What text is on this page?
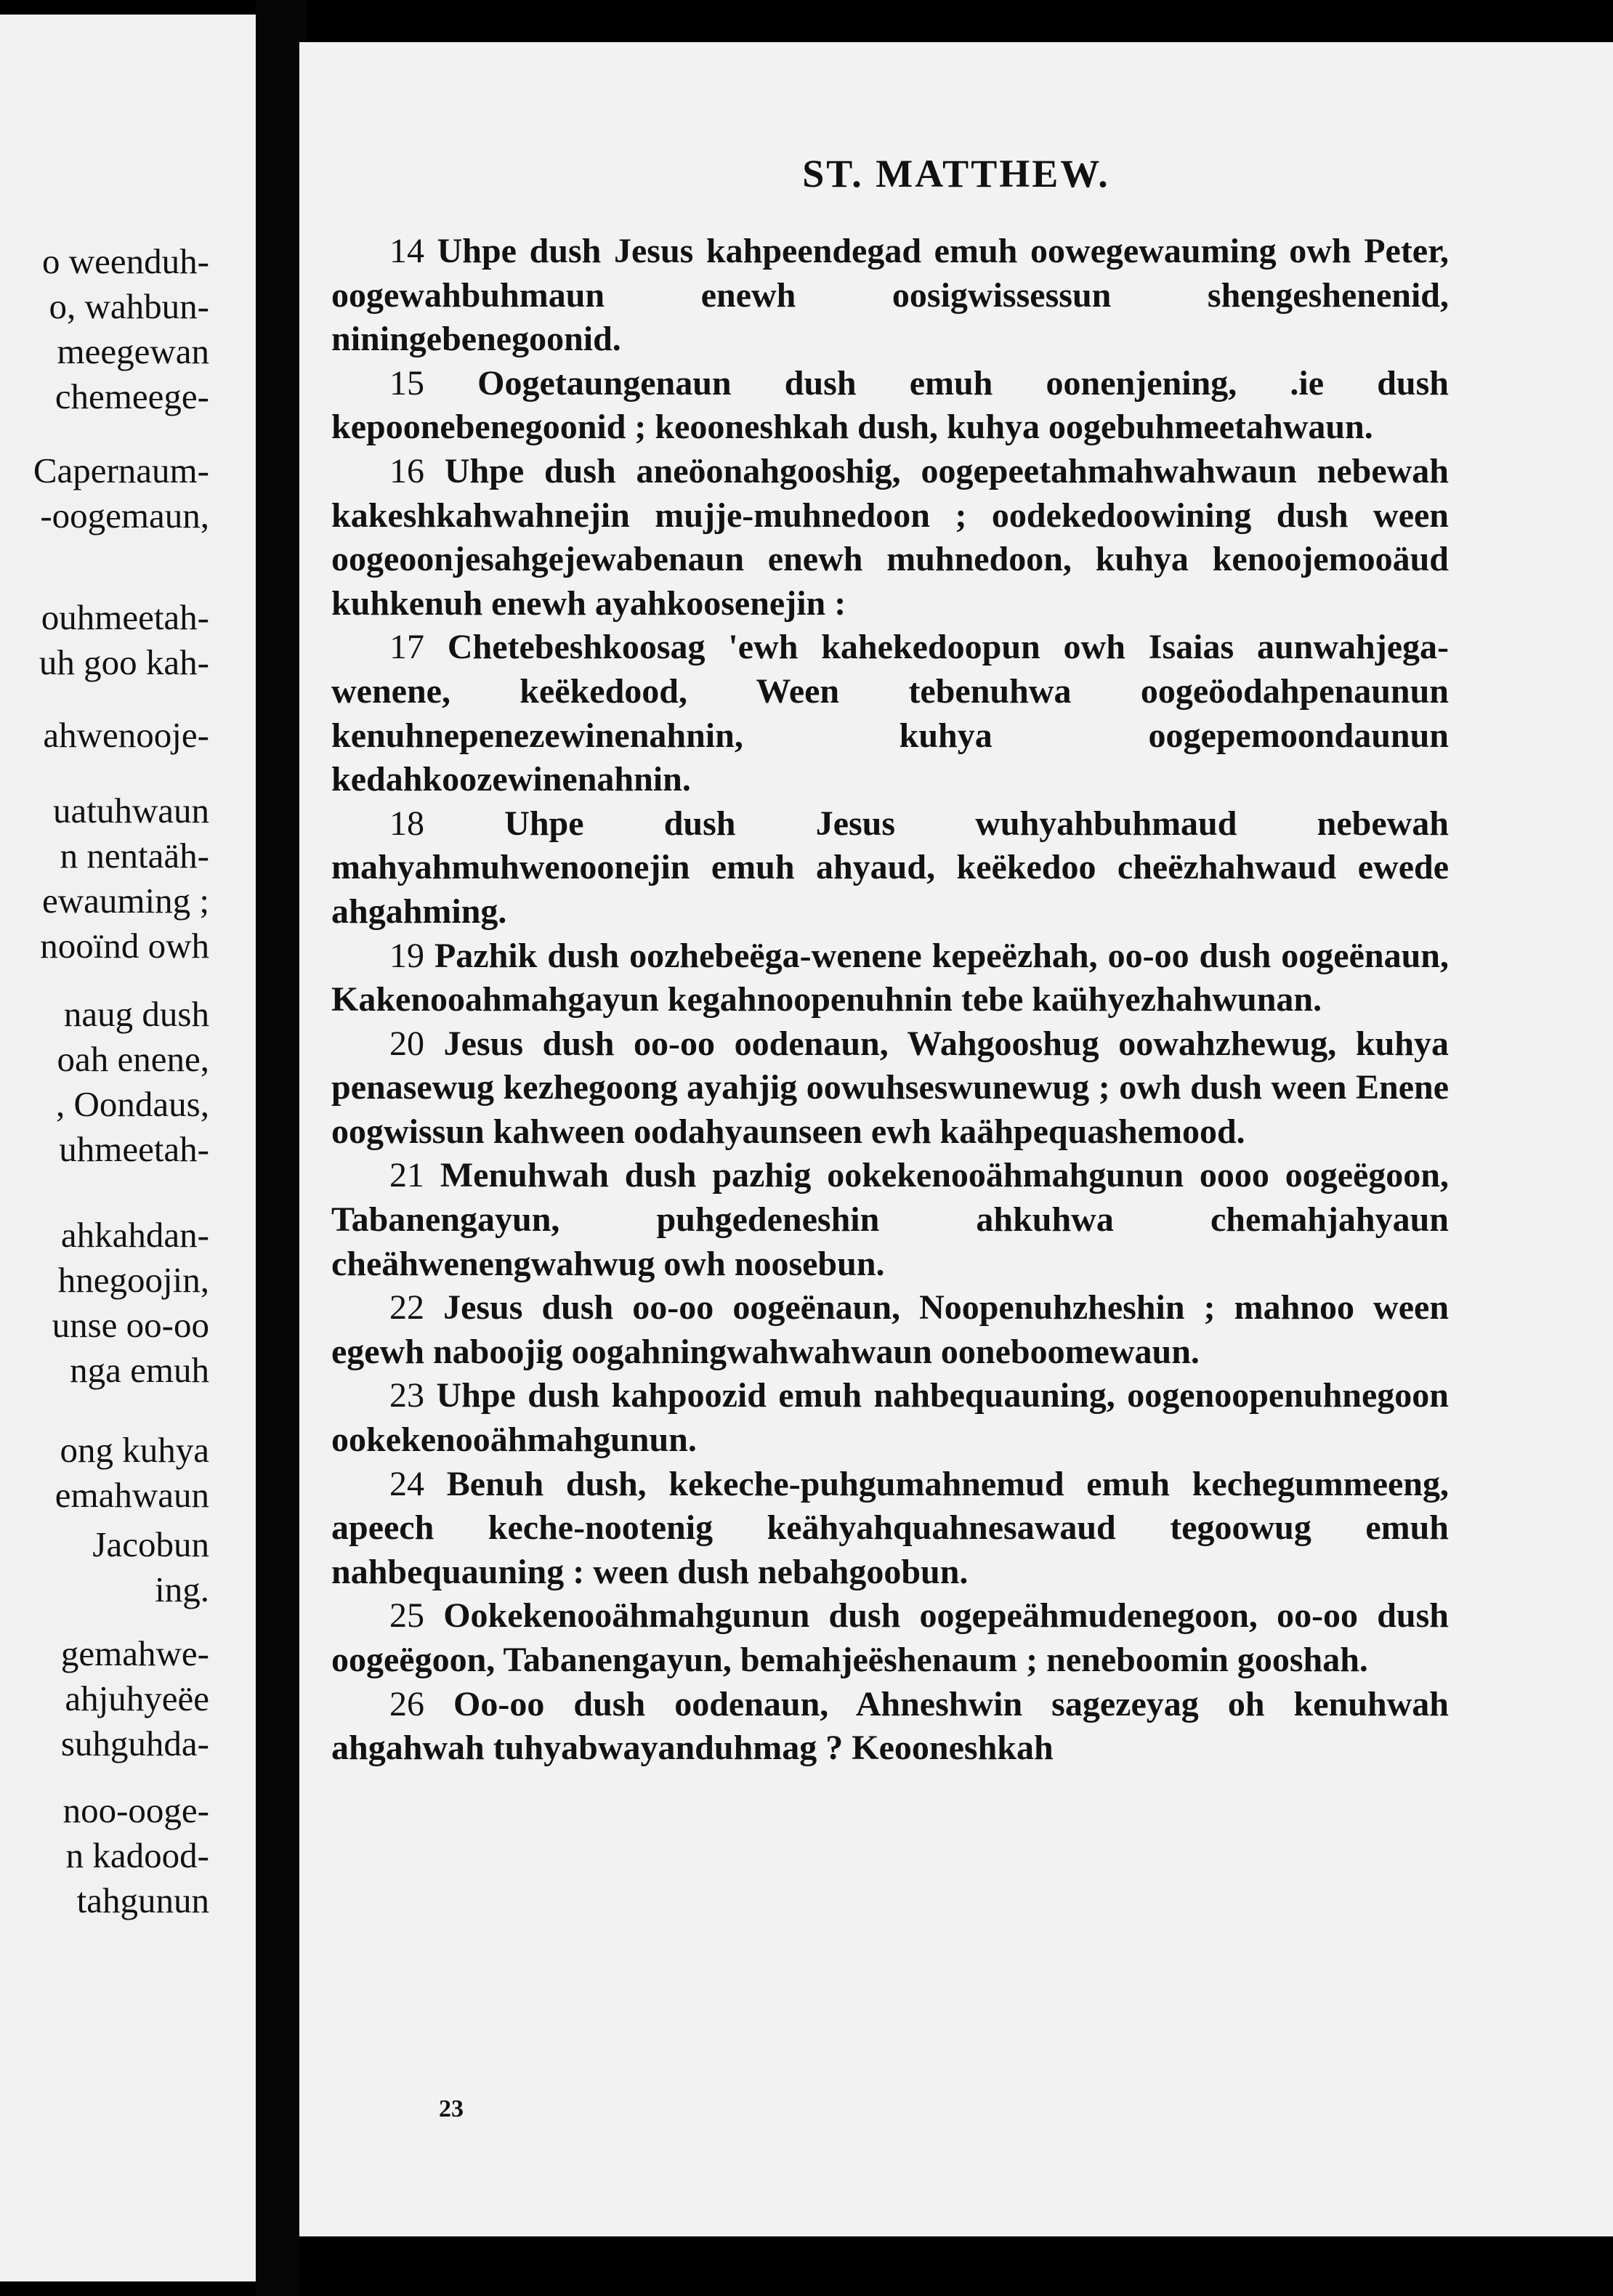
o weenduh-
o, wahbun-
meegewan
chemeege-
Capernaum-
-oogemaun,
ouhmeetah-
uh goo kah-
ahwenooje-
uatuhwaun
n nentaäh-
ewauming ;
nooïnd owh
naug dush
oah enene,
, Oondaus,
uhmeetah-
ahkahdan-
hnegoojin,
unse oo-oo
nga emuh
ong kuhya
emahwaun
Jacobun
ing.
gemahwe-
ahjuhyeëe
suhguhda-
noo-ooge-
n kadood-
tahgunun
ST. MATTHEW.

14 Uhpe dush Jesus kahpeendegad emuh oowegewauming owh Peter, oogewahbuhmaun enewh oosigwissessun shengeshenenid, niningebenegoonid.

15 Oogetaungenaun dush emuh oonenjening, .ie dush kepoonebenegoonid ; keooneshkah dush, kuhya oogebuhmeetahwaun.

16 Uhpe dush aneöonahgooshig, oogepeetahmahwahwaun nebewah kakeshkahwahnejin mujje-muhnedoon ; oodekedoowining dush ween oogeoonjesahgejewabenaun enewh muhnedoon, kuhya kenoojemooäud kuhkenuh enewh ayahkoosenejin :

17 Chetebeshkoosag 'ewh kahekedoopun owh Isaias aunwahjega-wenene, keëkedood, Ween tebenuhwa oogeöodahpenaunun kenuhnepenezewinenahnin, kuhya oogepemoondaunun kedahkoozewinenahnin.

18 Uhpe dush Jesus wuhyahbuhmaud nebewah mahyahmuhwenoonejin emuh ahyaud, keëkedoo cheëzhahwaud ewede ahgahming.

19 Pazhik dush oozhebeëga-wenene kepeëzhah, oo-oo dush oogeënaun, Kakenooahmahgayun kegahnoopenuhnin tebe kaühyezhahwunan.

20 Jesus dush oo-oo oodenaun, Wahgooshug oowahzhewug, kuhya penasewug kezhegoong ayahjig oowuhseswunewug ; owh dush ween Enene oogwissun kahween oodahyaunseen ewh kaähpequashemood.

21 Menuhwah dush pazhig ookekenooähmahgunun oooo oogeëgoon, Tabanengayun, puhgedeneshin ahkuhwa chemahjahyaun cheähwenengwahwug owh noosebun.

22 Jesus dush oo-oo oogeënaun, Noopenuhzheshin ; mahnoo ween egewh naboojig oogahningwahwahwaun ooneboomewaun.

23 Uhpe dush kahpoozid emuh nahbequauning, oogenoopenuhnegoon ookekenooähmahgunun.

24 Benuh dush, kekeche-puhgumahnemud emuh kechegummeeng, apeech keche-nootenig keähyahquahnesawaud tegoowug emuh nahbequauning : ween dush nebahgoobun.

25 Ookekenooähmahgunun dush oogepeähmudenegoon, oo-oo dush oogeëgoon, Tabanengayun, bemahjeëshenaum ; neneboomin gooshah.

26 Oo-oo dush oodenaun, Ahneshwin sagezeyag oh kenuhwah ahgahwah tuhyabwayanduhmag ? Keooneshkah

23
